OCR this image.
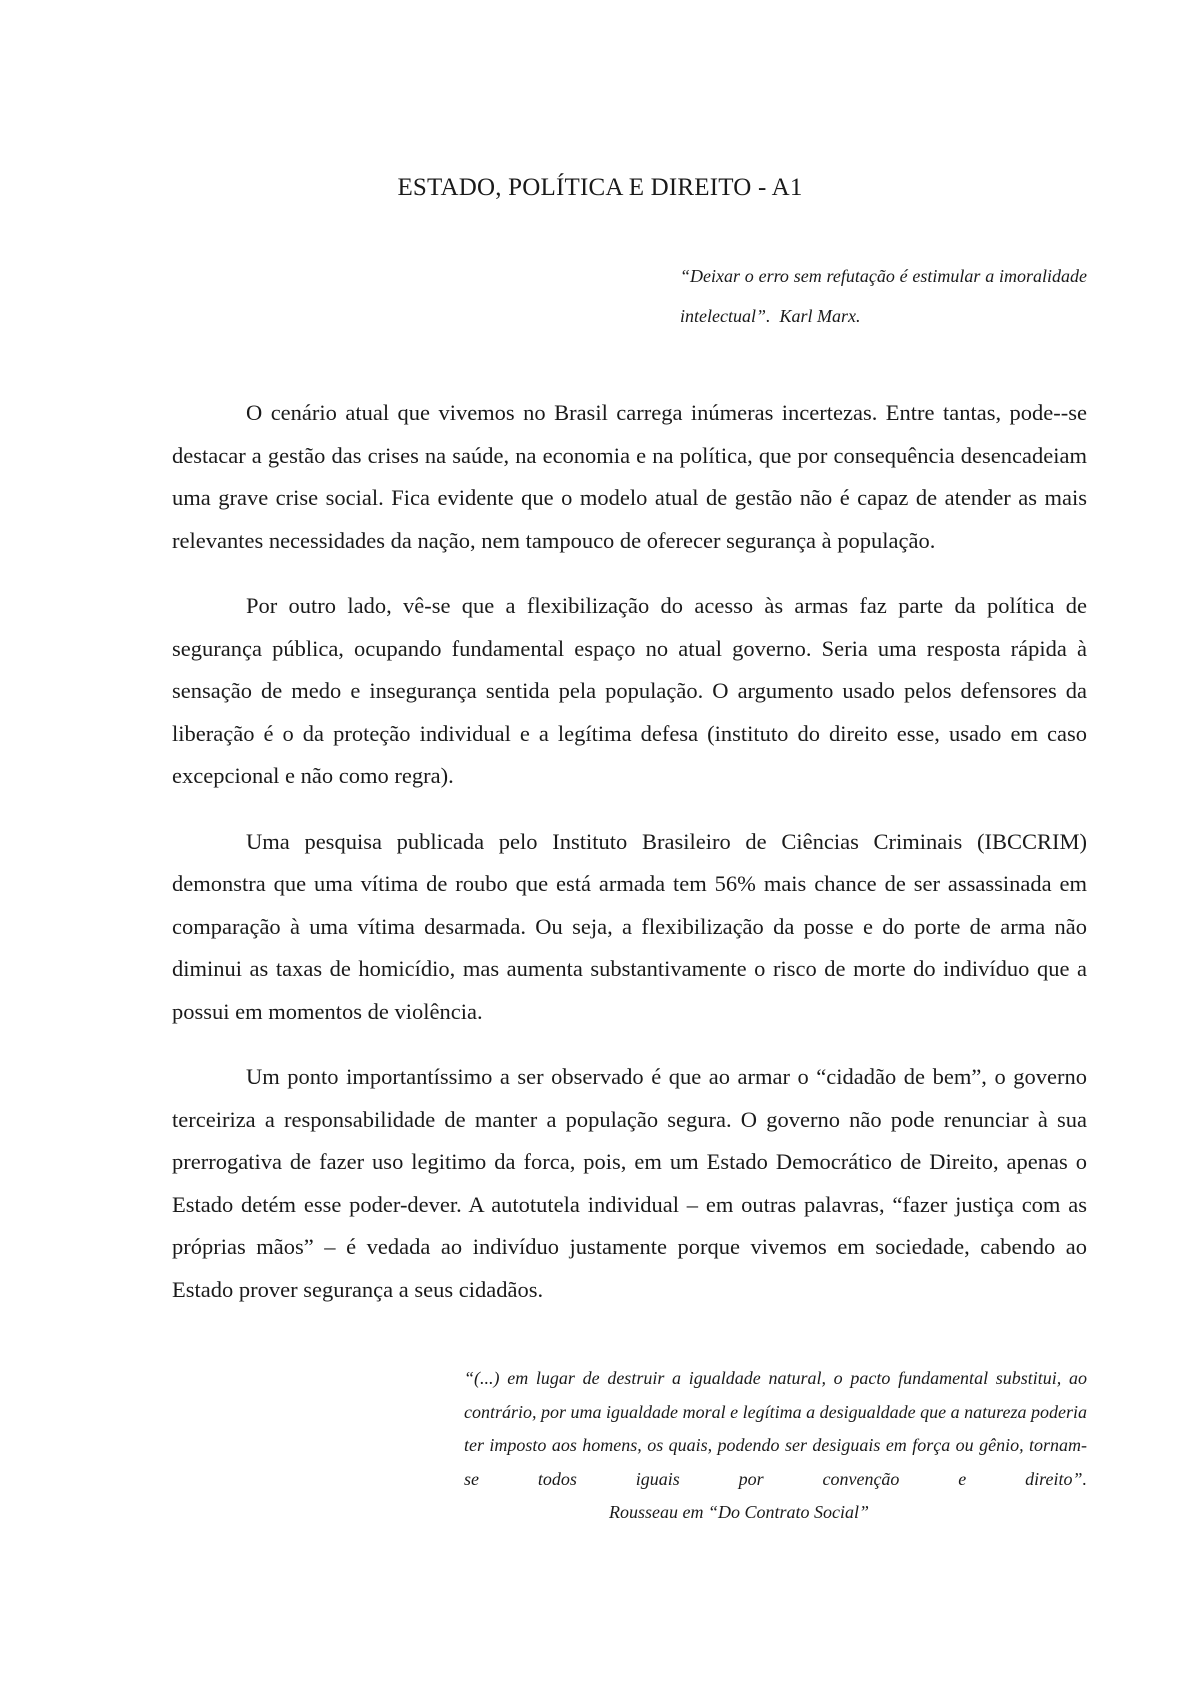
ESTADO, POLÍTICA E DIREITO - A1
“Deixar o erro sem refutação é estimular a imoralidade intelectual”. Karl Marx.

O cenário atual que vivemos no Brasil carrega inúmeras incertezas. Entre tantas, pode--se destacar a gestão das crises na saúde, na economia e na política, que por consequência desencadeiam uma grave crise social. Fica evidente que o modelo atual de gestão não é capaz de atender as mais relevantes necessidades da nação, nem tampouco de oferecer segurança à população.

Por outro lado, vê-se que a flexibilização do acesso às armas faz parte da política de segurança pública, ocupando fundamental espaço no atual governo. Seria uma resposta rápida à sensação de medo e insegurança sentida pela população. O argumento usado pelos defensores da liberação é o da proteção individual e a legítima defesa (instituto do direito esse, usado em caso excepcional e não como regra).

Uma pesquisa publicada pelo Instituto Brasileiro de Ciências Criminais (IBCCRIM) demonstra que uma vítima de roubo que está armada tem 56% mais chance de ser assassinada em comparação à uma vítima desarmada. Ou seja, a flexibilização da posse e do porte de arma não diminui as taxas de homicídio, mas aumenta substantivamente o risco de morte do indivíduo que a possui em momentos de violência.

Um ponto importantíssimo a ser observado é que ao armar o “cidadão de bem”, o governo terceiriza a responsabilidade de manter a população segura. O governo não pode renunciar à sua prerrogativa de fazer uso legitimo da forca, pois, em um Estado Democrático de Direito, apenas o Estado detém esse poder-dever. A autotutela individual – em outras palavras, “fazer justiça com as próprias mãos” – é vedada ao indivíduo justamente porque vivemos em sociedade, cabendo ao Estado prover segurança a seus cidadãos.

“(...) em lugar de destruir a igualdade natural, o pacto fundamental substitui, ao contrário, por uma igualdade moral e legítima a desigualdade que a natureza poderia ter imposto aos homens, os quais, podendo ser desiguais em força ou gênio, tornam-se todos iguais por convenção e direito”.Rousseau em “Do Contrato Social”
